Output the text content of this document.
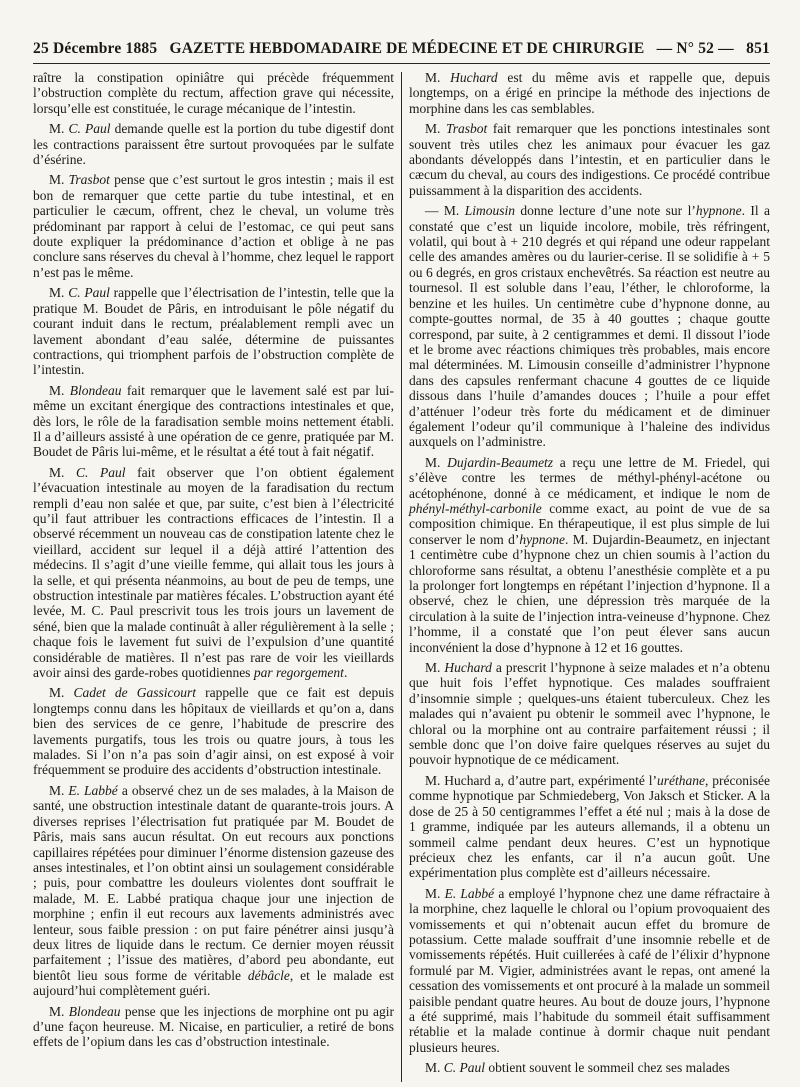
25 Décembre 1885 GAZETTE HEBDOMADAIRE DE MÉDECINE ET DE CHIRURGIE — N° 52 — 851

raître la constipation opiniâtre qui précède fréquemment l’obstruction complète du rectum, affection grave qui nécessite, lorsqu’elle est constituée, le curage mécanique de l’intestin.

M. C. Paul demande quelle est la portion du tube digestif dont les contractions paraissent être surtout provoquées par le sulfate d’ésérine.

M. Trasbot pense que c’est surtout le gros intestin ; mais il est bon de remarquer que cette partie du tube intestinal, et en particulier le cæcum, offrent, chez le cheval, un volume très prédominant par rapport à celui de l’estomac, ce qui peut sans doute expliquer la prédominance d’action et oblige à ne pas conclure sans réserves du cheval à l’homme, chez lequel le rapport n’est pas le même.

M. C. Paul rappelle que l’électrisation de l’intestin, telle que la pratique M. Boudet de Pâris, en introduisant le pôle négatif du courant induit dans le rectum, préalablement rempli avec un lavement abondant d’eau salée, détermine de puissantes contractions, qui triomphent parfois de l’obstruction complète de l’intestin.

M. Blondeau fait remarquer que le lavement salé est par lui-même un excitant énergique des contractions intestinales et que, dès lors, le rôle de la faradisation semble moins nettement établi. Il a d’ailleurs assisté à une opération de ce genre, pratiquée par M. Boudet de Pâris lui-même, et le résultat a été tout à fait négatif.

M. C. Paul fait observer que l’on obtient également l’évacuation intestinale au moyen de la faradisation du rectum rempli d’eau non salée et que, par suite, c’est bien à l’électricité qu’il faut attribuer les contractions efficaces de l’intestin. Il a observé récemment un nouveau cas de constipation latente chez le vieillard, accident sur lequel il a déjà attiré l’attention des médecins. Il s’agit d’une vieille femme, qui allait tous les jours à la selle, et qui présenta néanmoins, au bout de peu de temps, une obstruction intestinale par matières fécales. L’obstruction ayant été levée, M. C. Paul prescrivit tous les trois jours un lavement de séné, bien que la malade continuât à aller régulièrement à la selle ; chaque fois le lavement fut suivi de l’expulsion d’une quantité considérable de matières. Il n’est pas rare de voir les vieillards avoir ainsi des garde-robes quotidiennes par regorgement.

M. Cadet de Gassicourt rappelle que ce fait est depuis longtemps connu dans les hôpitaux de vieillards et qu’on a, dans bien des services de ce genre, l’habitude de prescrire des lavements purgatifs, tous les trois ou quatre jours, à tous les malades. Si l’on n’a pas soin d’agir ainsi, on est exposé à voir fréquemment se produire des accidents d’obstruction intestinale.

M. E. Labbé a observé chez un de ses malades, à la Maison de santé, une obstruction intestinale datant de quarante-trois jours. A diverses reprises l’électrisation fut pratiquée par M. Boudet de Pâris, mais sans aucun résultat. On eut recours aux ponctions capillaires répétées pour diminuer l’énorme distension gazeuse des anses intestinales, et l’on obtint ainsi un soulagement considérable ; puis, pour combattre les douleurs violentes dont souffrait le malade, M. E. Labbé pratiqua chaque jour une injection de morphine ; enfin il eut recours aux lavements administrés avec lenteur, sous faible pression : on put faire pénétrer ainsi jusqu’à deux litres de liquide dans le rectum. Ce dernier moyen réussit parfaitement ; l’issue des matières, d’abord peu abondante, eut bientôt lieu sous forme de véritable débâcle, et le malade est aujourd’hui complètement guéri.

M. Blondeau pense que les injections de morphine ont pu agir d’une façon heureuse. M. Nicaise, en particulier, a retiré de bons effets de l’opium dans les cas d’obstruction intestinale.

M. Huchard est du même avis et rappelle que, depuis longtemps, on a érigé en principe la méthode des injections de morphine dans les cas semblables.

M. Trasbot fait remarquer que les ponctions intestinales sont souvent très utiles chez les animaux pour évacuer les gaz abondants développés dans l’intestin, et en particulier dans le cæcum du cheval, au cours des indigestions. Ce procédé contribue puissamment à la disparition des accidents.

— M. Limousin donne lecture d’une note sur l’hypnone. Il a constaté que c’est un liquide incolore, mobile, très réfringent, volatil, qui bout à + 210 degrés et qui répand une odeur rappelant celle des amandes amères ou du laurier-cerise. Il se solidifie à + 5 ou 6 degrés, en gros cristaux enchevêtrés. Sa réaction est neutre au tournesol. Il est soluble dans l’eau, l’éther, le chloroforme, la benzine et les huiles. Un centimètre cube d’hypnone donne, au compte-gouttes normal, de 35 à 40 gouttes ; chaque goutte correspond, par suite, à 2 centigrammes et demi. Il dissout l’iode et le brome avec réactions chimiques très probables, mais encore mal déterminées. M. Limousin conseille d’administrer l’hypnone dans des capsules renfermant chacune 4 gouttes de ce liquide dissous dans l’huile d’amandes douces ; l’huile a pour effet d’atténuer l’odeur très forte du médicament et de diminuer également l’odeur qu’il communique à l’haleine des individus auxquels on l’administre.

M. Dujardin-Beaumetz a reçu une lettre de M. Friedel, qui s’élève contre les termes de méthyl-phényl-acétone ou acétophénone, donné à ce médicament, et indique le nom de phényl-méthyl-carbonile comme exact, au point de vue de sa composition chimique. En thérapeutique, il est plus simple de lui conserver le nom d’hypnone. M. Dujardin-Beaumetz, en injectant 1 centimètre cube d’hypnone chez un chien soumis à l’action du chloroforme sans résultat, a obtenu l’anesthésie complète et a pu la prolonger fort longtemps en répétant l’injection d’hypnone. Il a observé, chez le chien, une dépression très marquée de la circulation à la suite de l’injection intra-veineuse d’hypnone. Chez l’homme, il a constaté que l’on peut élever sans aucun inconvénient la dose d’hypnone à 12 et 16 gouttes.

M. Huchard a prescrit l’hypnone à seize malades et n’a obtenu que huit fois l’effet hypnotique. Ces malades souffraient d’insomnie simple ; quelques-uns étaient tuberculeux. Chez les malades qui n’avaient pu obtenir le sommeil avec l’hypnone, le chloral ou la morphine ont au contraire parfaitement réussi ; il semble donc que l’on doive faire quelques réserves au sujet du pouvoir hypnotique de ce médicament.

M. Huchard a, d’autre part, expérimenté l’uréthane, préconisée comme hypnotique par Schmiedeberg, Von Jaksch et Sticker. A la dose de 25 à 50 centigrammes l’effet a été nul ; mais à la dose de 1 gramme, indiquée par les auteurs allemands, il a obtenu un sommeil calme pendant deux heures. C’est un hypnotique précieux chez les enfants, car il n’a aucun goût. Une expérimentation plus complète est d’ailleurs nécessaire.

M. E. Labbé a employé l’hypnone chez une dame réfractaire à la morphine, chez laquelle le chloral ou l’opium provoquaient des vomissements et qui n’obtenait aucun effet du bromure de potassium. Cette malade souffrait d’une insomnie rebelle et de vomissements répétés. Huit cuillerées à café de l’élixir d’hypnone formulé par M. Vigier, administrées avant le repas, ont amené la cessation des vomissements et ont procuré à la malade un sommeil paisible pendant quatre heures. Au bout de douze jours, l’hypnone a été supprimé, mais l’habitude du sommeil était suffisamment rétablie et la malade continue à dormir chaque nuit pendant plusieurs heures.

M. C. Paul obtient souvent le sommeil chez ses malades
